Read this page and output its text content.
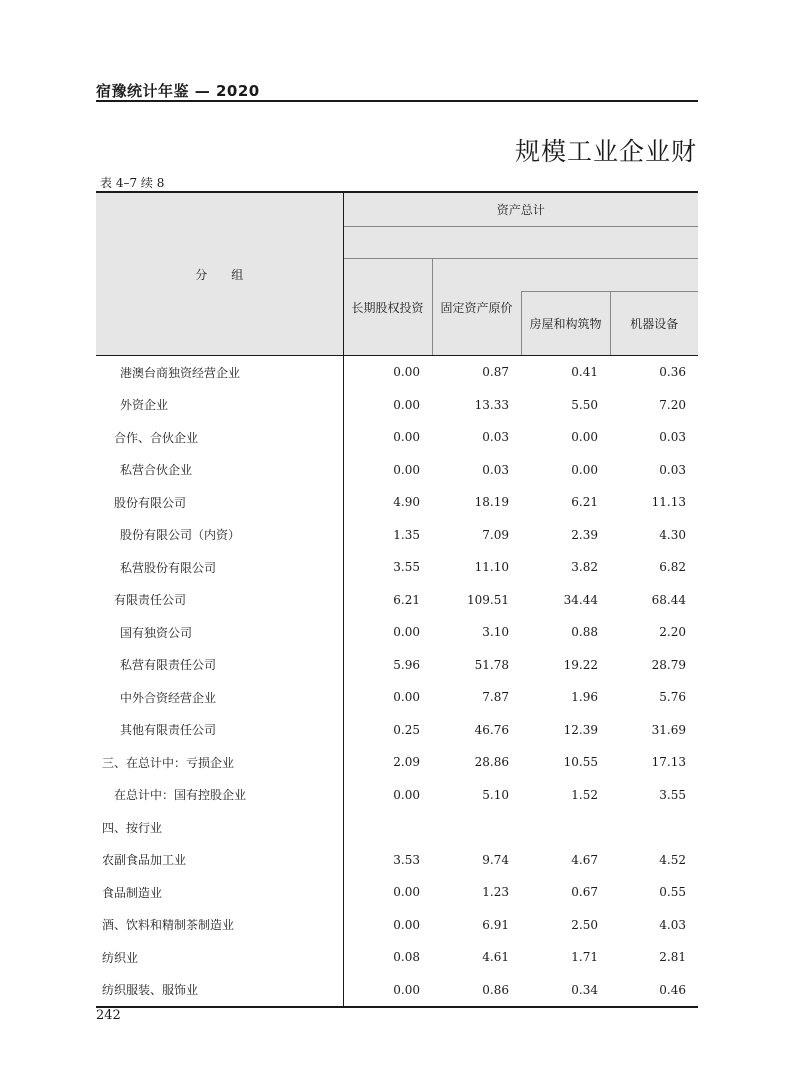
宿豫统计年鉴 — 2020
规模工业企业财
表 4–7 续 8
分　　组	资产总计			

	长期股权投资	固定资产原价		
			房屋和构筑物	机器设备
港澳台商独资经营企业	0.00	0.87	0.41	0.36
外资企业	0.00	13.33	5.50	7.20
合作、合伙企业	0.00	0.03	0.00	0.03
私营合伙企业	0.00	0.03	0.00	0.03
股份有限公司	4.90	18.19	6.21	11.13
股份有限公司（内资）	1.35	7.09	2.39	4.30
私营股份有限公司	3.55	11.10	3.82	6.82
有限责任公司	6.21	109.51	34.44	68.44
国有独资公司	0.00	3.10	0.88	2.20
私营有限责任公司	5.96	51.78	19.22	28.79
中外合资经营企业	0.00	7.87	1.96	5.76
其他有限责任公司	0.25	46.76	12.39	31.69
三、在总计中：亏损企业	2.09	28.86	10.55	17.13
在总计中：国有控股企业	0.00	5.10	1.52	3.55
四、按行业				
农副食品加工业	3.53	9.74	4.67	4.52
食品制造业	0.00	1.23	0.67	0.55
酒、饮料和精制茶制造业	0.00	6.91	2.50	4.03
纺织业	0.08	4.61	1.71	2.81
纺织服装、服饰业	0.00	0.86	0.34	0.46
242
